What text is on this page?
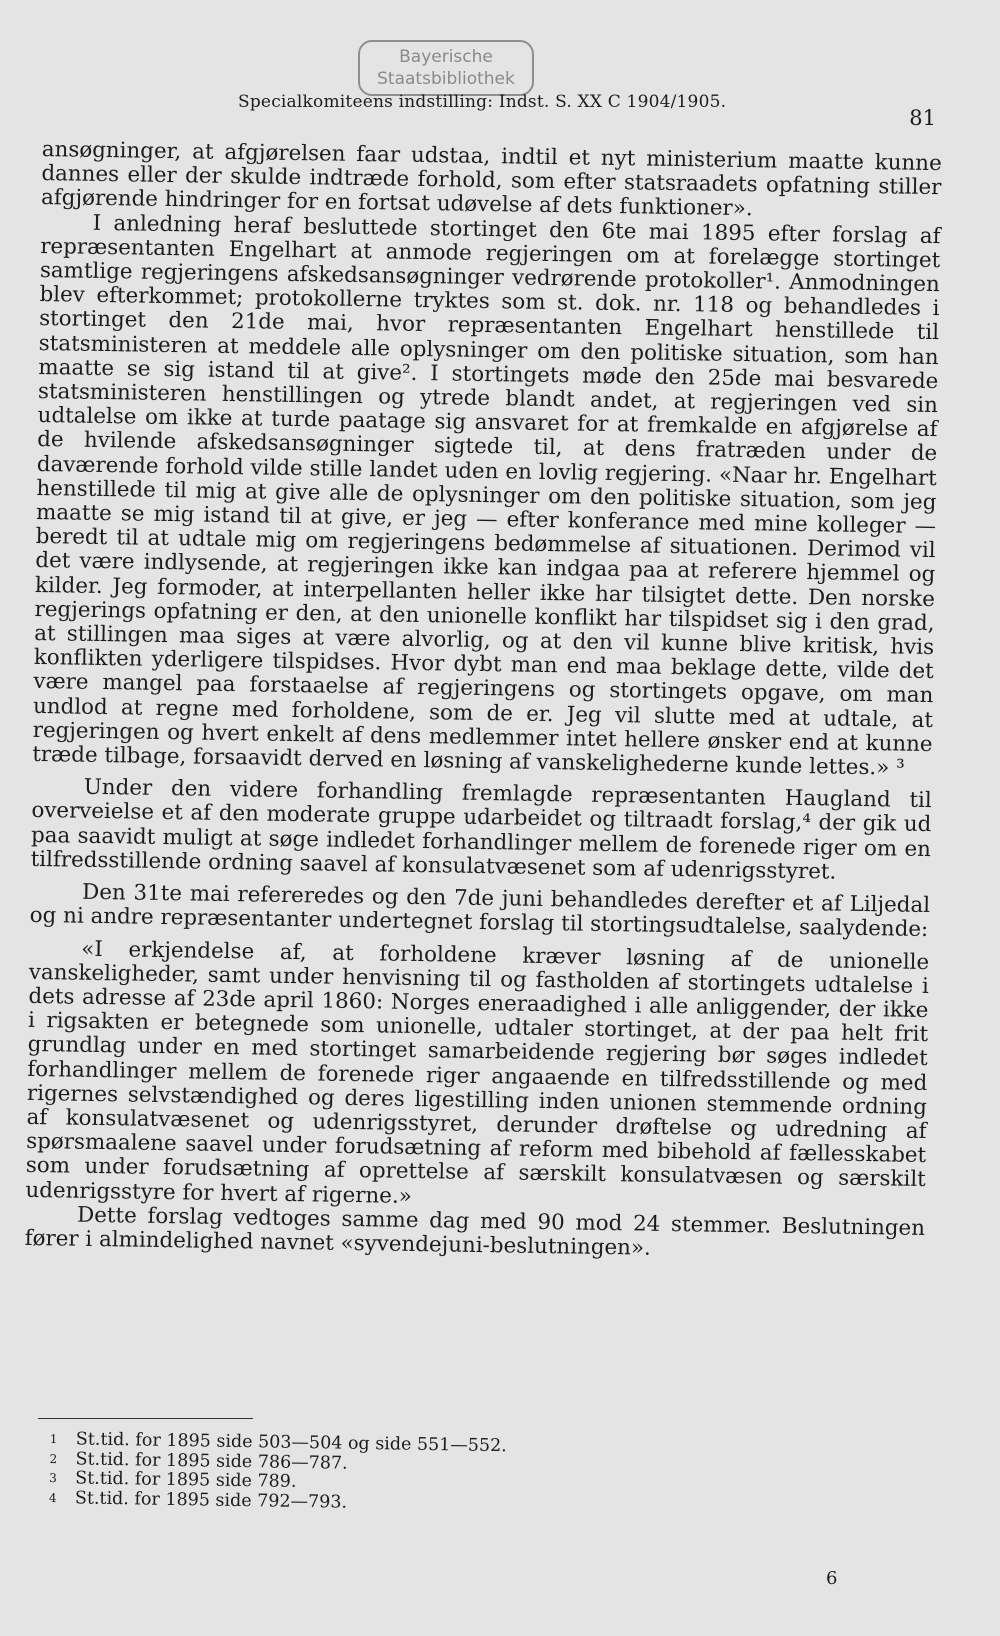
Bayerische
Staatsbibliothek
Specialkomiteens indstilling: Indst. S. XX C 1904/1905.
81

ansøgninger, at afgjørelsen faar udstaa, indtil et nyt ministerium maatte kunne dannes eller der skulde indtræde forhold, som efter statsraadets opfatning stiller afgjørende hindringer for en fortsat udøvelse af dets funktioner».

I anledning heraf besluttede stortinget den 6te mai 1895 efter forslag af repræsentanten Engelhart at anmode regjeringen om at forelægge stortinget samtlige regjeringens afskedsansøgninger vedrørende protokoller¹. Anmodningen blev efterkommet; protokollerne tryktes som st. dok. nr. 118 og behandledes i stortinget den 21de mai, hvor repræsentanten Engelhart henstillede til statsministeren at meddele alle oplysninger om den politiske situation, som han maatte se sig istand til at give². I stortingets møde den 25de mai besvarede statsministeren henstillingen og ytrede blandt andet, at regjeringen ved sin udtalelse om ikke at turde paatage sig ansvaret for at fremkalde en afgjørelse af de hvilende afskedsansøgninger sigtede til, at dens fratræden under de daværende forhold vilde stille landet uden en lovlig regjering. «Naar hr. Engelhart henstillede til mig at give alle de oplysninger om den politiske situation, som jeg maatte se mig istand til at give, er jeg — efter konferance med mine kolleger — beredt til at udtale mig om regjeringens bedømmelse af situationen. Derimod vil det være indlysende, at regjeringen ikke kan indgaa paa at referere hjemmel og kilder. Jeg formoder, at interpellanten heller ikke har tilsigtet dette. Den norske regjerings opfatning er den, at den unionelle konflikt har tilspidset sig i den grad, at stillingen maa siges at være alvorlig, og at den vil kunne blive kritisk, hvis konflikten yderligere tilspidses. Hvor dybt man end maa beklage dette, vilde det være mangel paa forstaaelse af regjeringens og stortingets opgave, om man undlod at regne med forholdene, som de er. Jeg vil slutte med at udtale, at regjeringen og hvert enkelt af dens medlemmer intet hellere ønsker end at kunne træde tilbage, forsaavidt derved en løsning af vanskelighederne kunde lettes.» ³

Under den videre forhandling fremlagde repræsentanten Haugland til overveielse et af den moderate gruppe udarbeidet og tiltraadt forslag,⁴ der gik ud paa saavidt muligt at søge indledet forhandlinger mellem de forenede riger om en tilfredsstillende ordning saavel af konsulatvæsenet som af udenrigsstyret.

Den 31te mai refereredes og den 7de juni behandledes derefter et af Liljedal og ni andre repræsentanter undertegnet forslag til stortingsudtalelse, saalydende:

«I erkjendelse af, at forholdene kræver løsning af de unionelle vanskeligheder, samt under henvisning til og fastholden af stortingets udtalelse i dets adresse af 23de april 1860: Norges eneraadighed i alle anliggender, der ikke i rigsakten er betegnede som unionelle, udtaler stortinget, at der paa helt frit grundlag under en med stortinget samarbeidende regjering bør søges indledet forhandlinger mellem de forenede riger angaaende en tilfredsstillende og med rigernes selvstændighed og deres ligestilling inden unionen stemmende ordning af konsulatvæsenet og udenrigsstyret, derunder drøftelse og udredning af spørsmaalene saavel under forudsætning af reform med bibehold af fællesskabet som under forudsætning af oprettelse af særskilt konsulatvæsen og særskilt udenrigsstyre for hvert af rigerne.»

Dette forslag vedtoges samme dag med 90 mod 24 stemmer. Beslutningen fører i almindelighed navnet «syvendejuni-beslutningen».

1	St.tid. for 1895 side 503—504 og side 551—552.
2	St.tid. for 1895 side 786—787.
3	St.tid. for 1895 side 789.
4	St.tid. for 1895 side 792—793.
6
